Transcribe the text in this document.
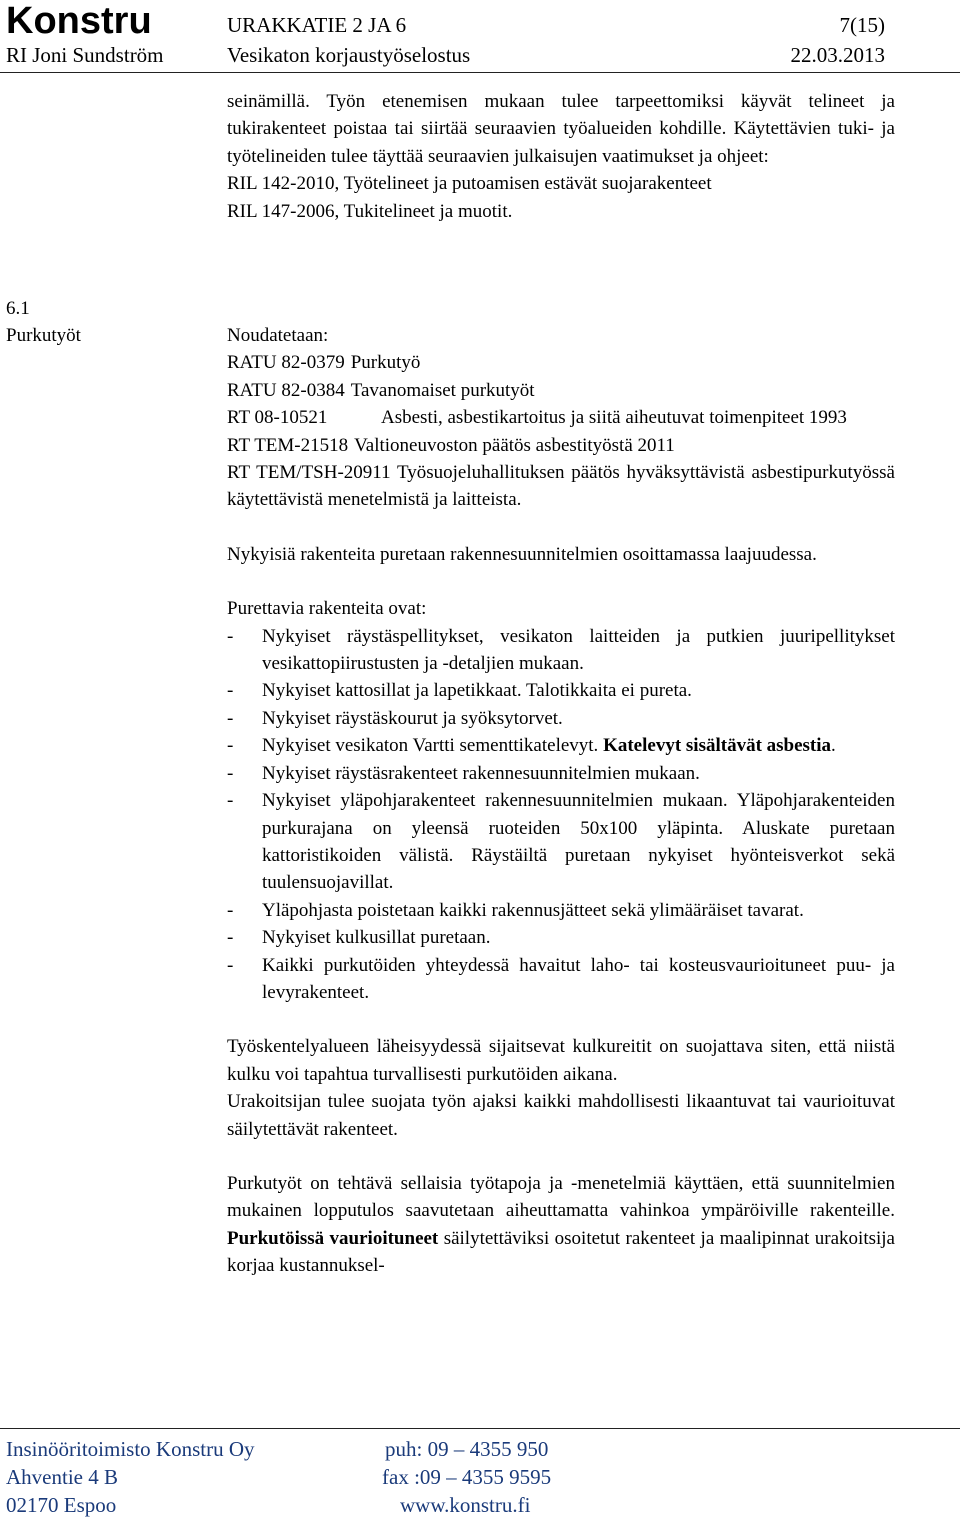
Konstru	URAKKATIE 2 JA 6	7(15)
RI Joni Sundström	Vesikaton korjaustyöselostus	22.03.2013

seinämillä. Työn etenemisen mukaan tulee tarpeettomiksi käyvät telineet ja tukirakenteet poistaa tai siirtää seuraavien työalueiden kohdille. Käytettävien tuki- ja työtelineiden tulee täyttää seuraavien julkaisujen vaatimukset ja ohjeet:

RIL 142-2010, Työtelineet ja putoamisen estävät suojarakenteet

RIL 147-2006, Tukitelineet ja muotit.

6.1
Purkutyöt	Noudatetaan:

RATU 82-0379 Purkutyö
RATU 82-0384 Tavanomaiset purkutyöt

RT 08-10521	Asbesti, asbestikartoitus ja siitä aiheutuvat toimenpiteet 1993

RT TEM-21518 Valtioneuvoston päätös asbestityöstä 2011

RT TEM/TSH-20911 Työsuojeluhallituksen päätös hyväksyttävistä asbestipurkutyössä käytettävistä menetelmistä ja laitteista.

Nykyisiä rakenteita puretaan rakennesuunnitelmien osoittamassa laajuudessa.

Purettavia rakenteita ovat:

-	Nykyiset räystäspellitykset, vesikaton laitteiden ja putkien juuripellitykset vesikattopiirustusten ja -detaljien mukaan.
-	Nykyiset kattosillat ja lapetikkaat. Talotikkaita ei pureta.
-	Nykyiset räystäskourut ja syöksytorvet.
-	Nykyiset vesikaton Vartti sementtikatelevyt. Katelevyt sisältävät asbestia.
-	Nykyiset räystäsrakenteet rakennesuunnitelmien mukaan.
-	Nykyiset yläpohjarakenteet rakennesuunnitelmien mukaan. Yläpohjarakenteiden purkurajana on yleensä ruoteiden 50x100 yläpinta. Aluskate puretaan kattoristikoiden välistä. Räystäiltä puretaan nykyiset hyönteisverkot sekä tuulensuojavillat.
-	Yläpohjasta poistetaan kaikki rakennusjätteet sekä ylimääräiset tavarat.
-	Nykyiset kulkusillat puretaan.
-	Kaikki purkutöiden yhteydessä havaitut laho- tai kosteusvaurioituneet puu- ja levyrakenteet.

Työskentelyalueen läheisyydessä sijaitsevat kulkureitit on suojattava siten, että niistä kulku voi tapahtua turvallisesti purkutöiden aikana.

Urakoitsijan tulee suojata työn ajaksi kaikki mahdollisesti likaantuvat tai vaurioituvat säilytettävät rakenteet.

Purkutyöt on tehtävä sellaisia työtapoja ja -menetelmiä käyttäen, että suunnitelmien mukainen lopputulos saavutetaan aiheuttamatta vahinkoa ympäröiville rakenteille. Purkutöissä vaurioituneet säilytettäviksi osoitetut rakenteet ja maalipinnat urakoitsija korjaa kustannuksel-

Insinööritoimisto Konstru Oy
Ahventie 4 B
02170 Espoo
puh: 09 – 4355 950
fax :09 – 4355 9595
www.konstru.fi
